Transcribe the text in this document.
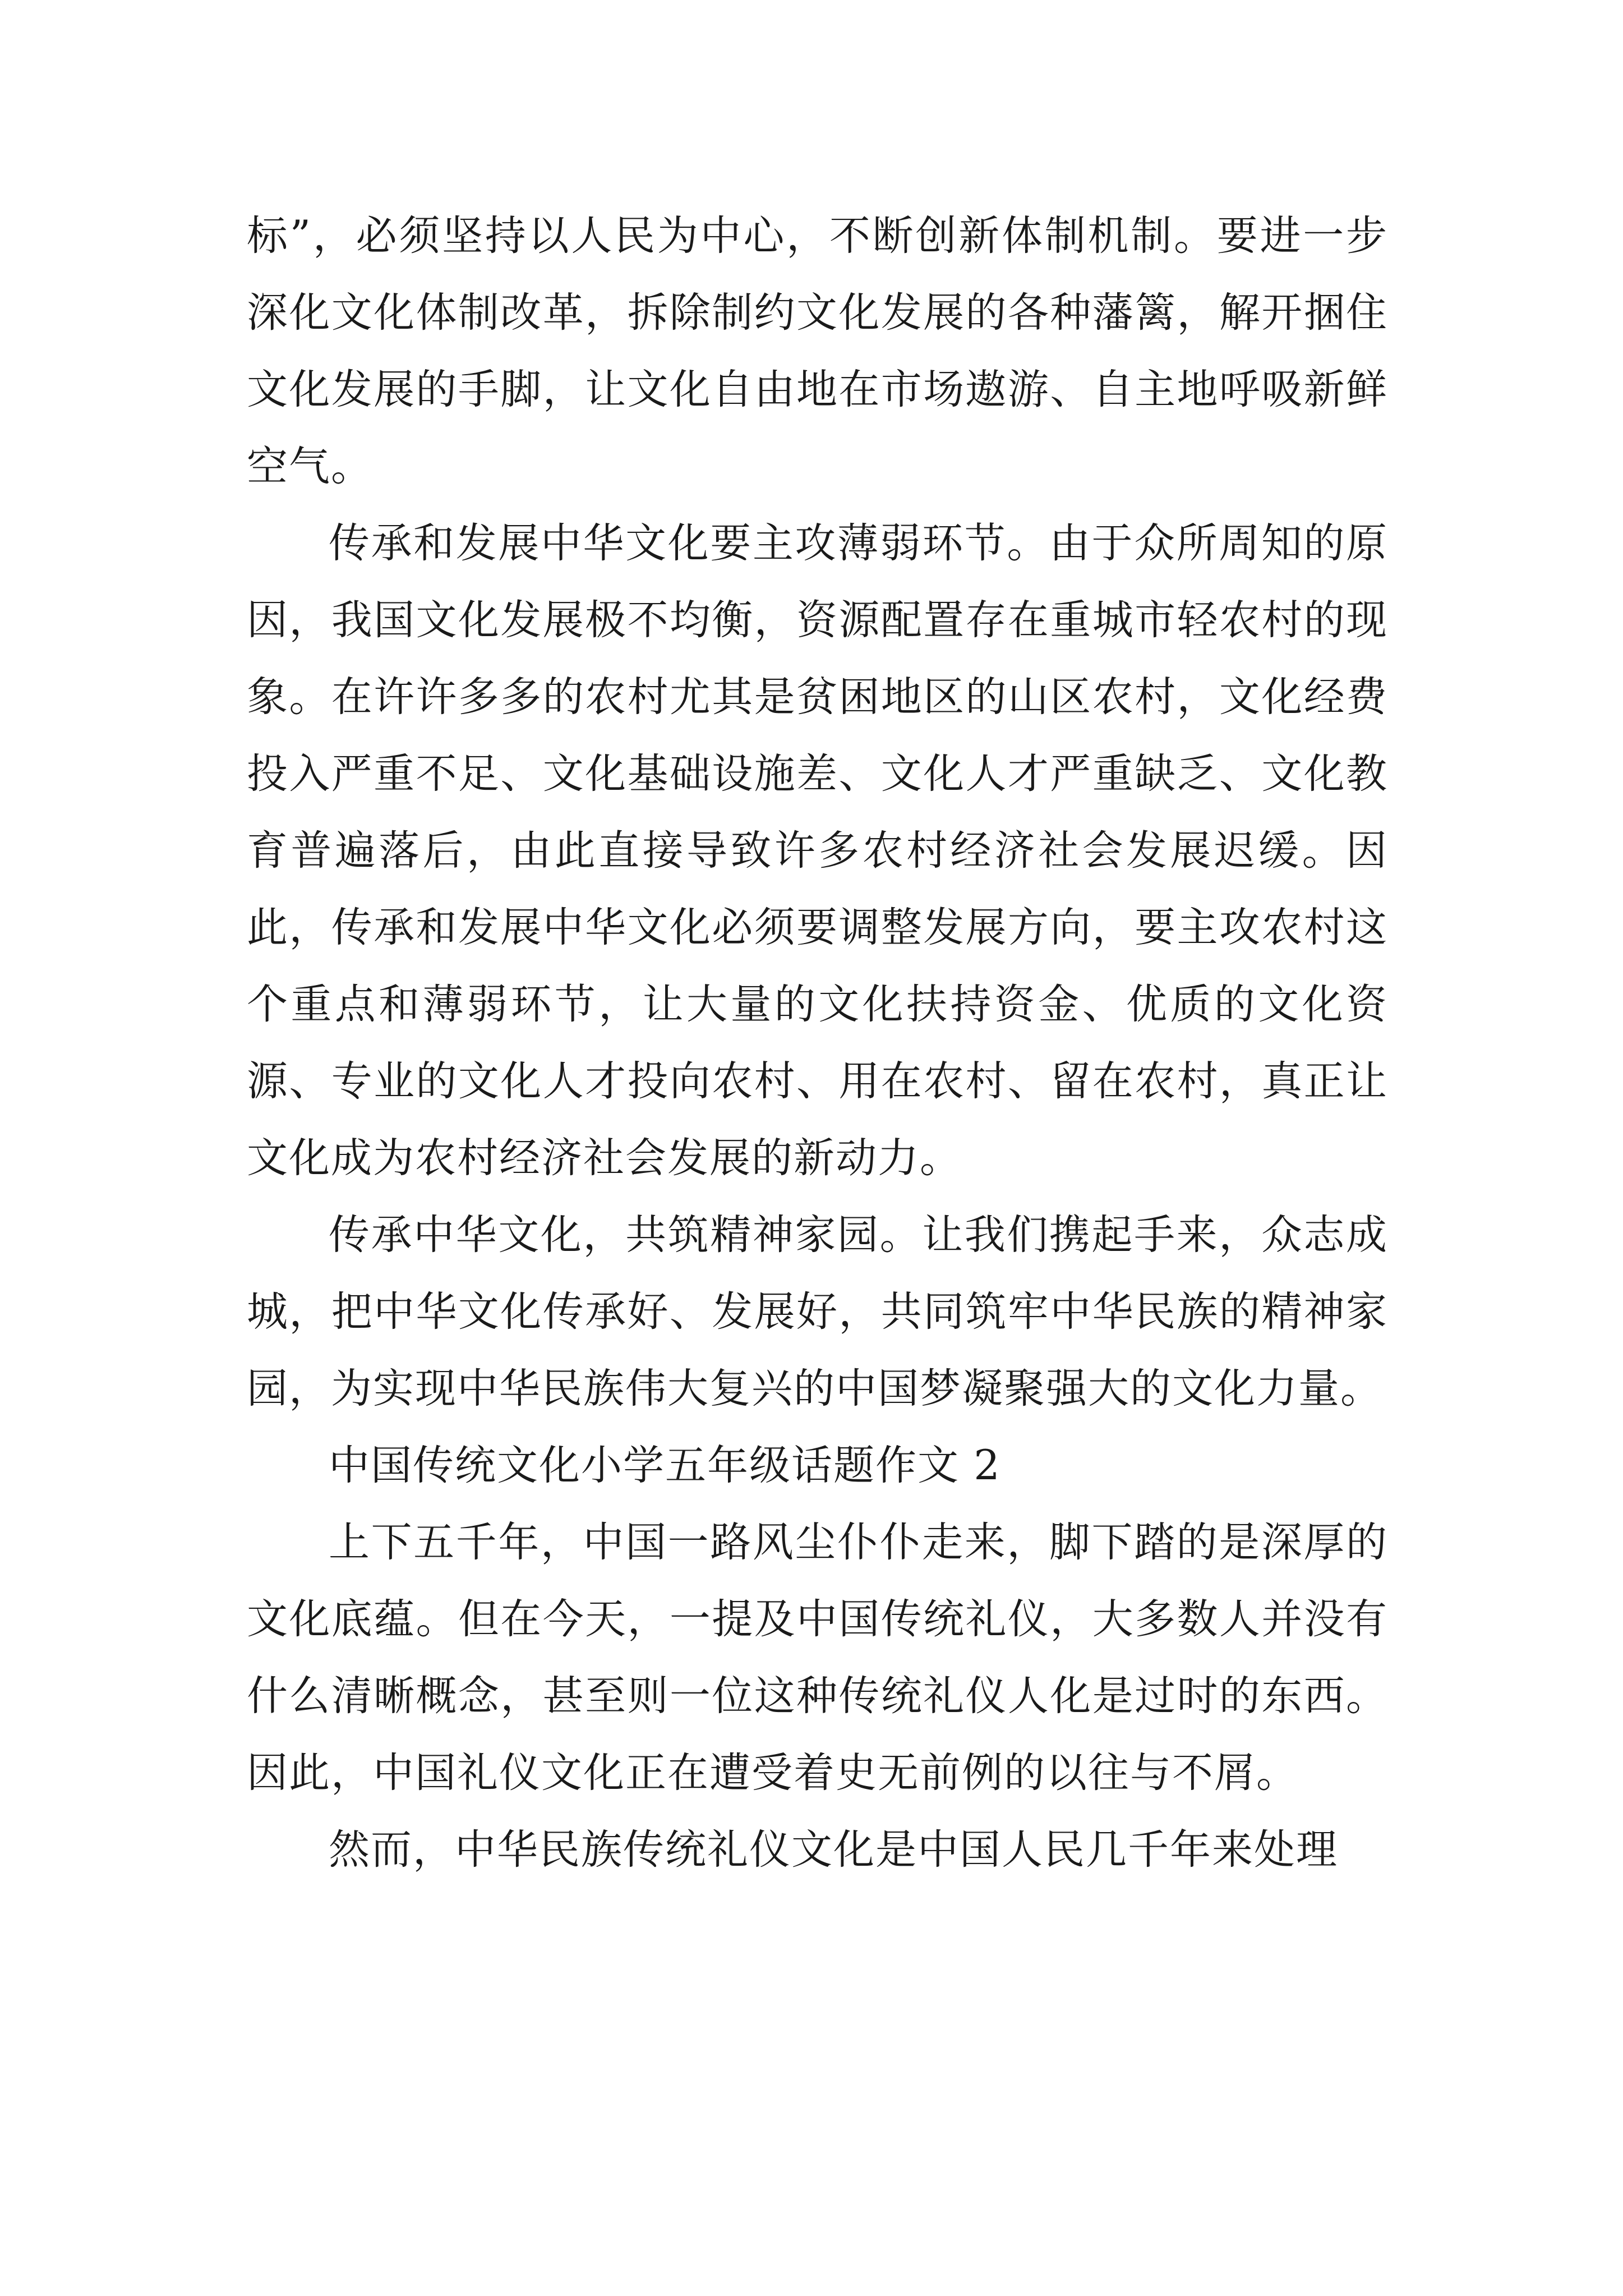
标”，必须坚持以人民为中心，不断创新体制机制。要进一步深化文化体制改革，拆除制约文化发展的各种藩篱，解开捆住文化发展的手脚，让文化自由地在市场遨游、自主地呼吸新鲜空气。

传承和发展中华文化要主攻薄弱环节。由于众所周知的原因，我国文化发展极不均衡，资源配置存在重城市轻农村的现象。在许许多多的农村尤其是贫困地区的山区农村，文化经费投入严重不足、文化基础设施差、文化人才严重缺乏、文化教育普遍落后，由此直接导致许多农村经济社会发展迟缓。因此，传承和发展中华文化必须要调整发展方向，要主攻农村这个重点和薄弱环节，让大量的文化扶持资金、优质的文化资源、专业的文化人才投向农村、用在农村、留在农村，真正让文化成为农村经济社会发展的新动力。

传承中华文化，共筑精神家园。让我们携起手来，众志成城，把中华文化传承好、发展好，共同筑牢中华民族的精神家园，为实现中华民族伟大复兴的中国梦凝聚强大的文化力量。

中国传统文化小学五年级话题作文 2

上下五千年，中国一路风尘仆仆走来，脚下踏的是深厚的文化底蕴。但在今天，一提及中国传统礼仪，大多数人并没有什么清晰概念，甚至则一位这种传统礼仪人化是过时的东西。因此，中国礼仪文化正在遭受着史无前例的以往与不屑。

然而，中华民族传统礼仪文化是中国人民几千年来处理
